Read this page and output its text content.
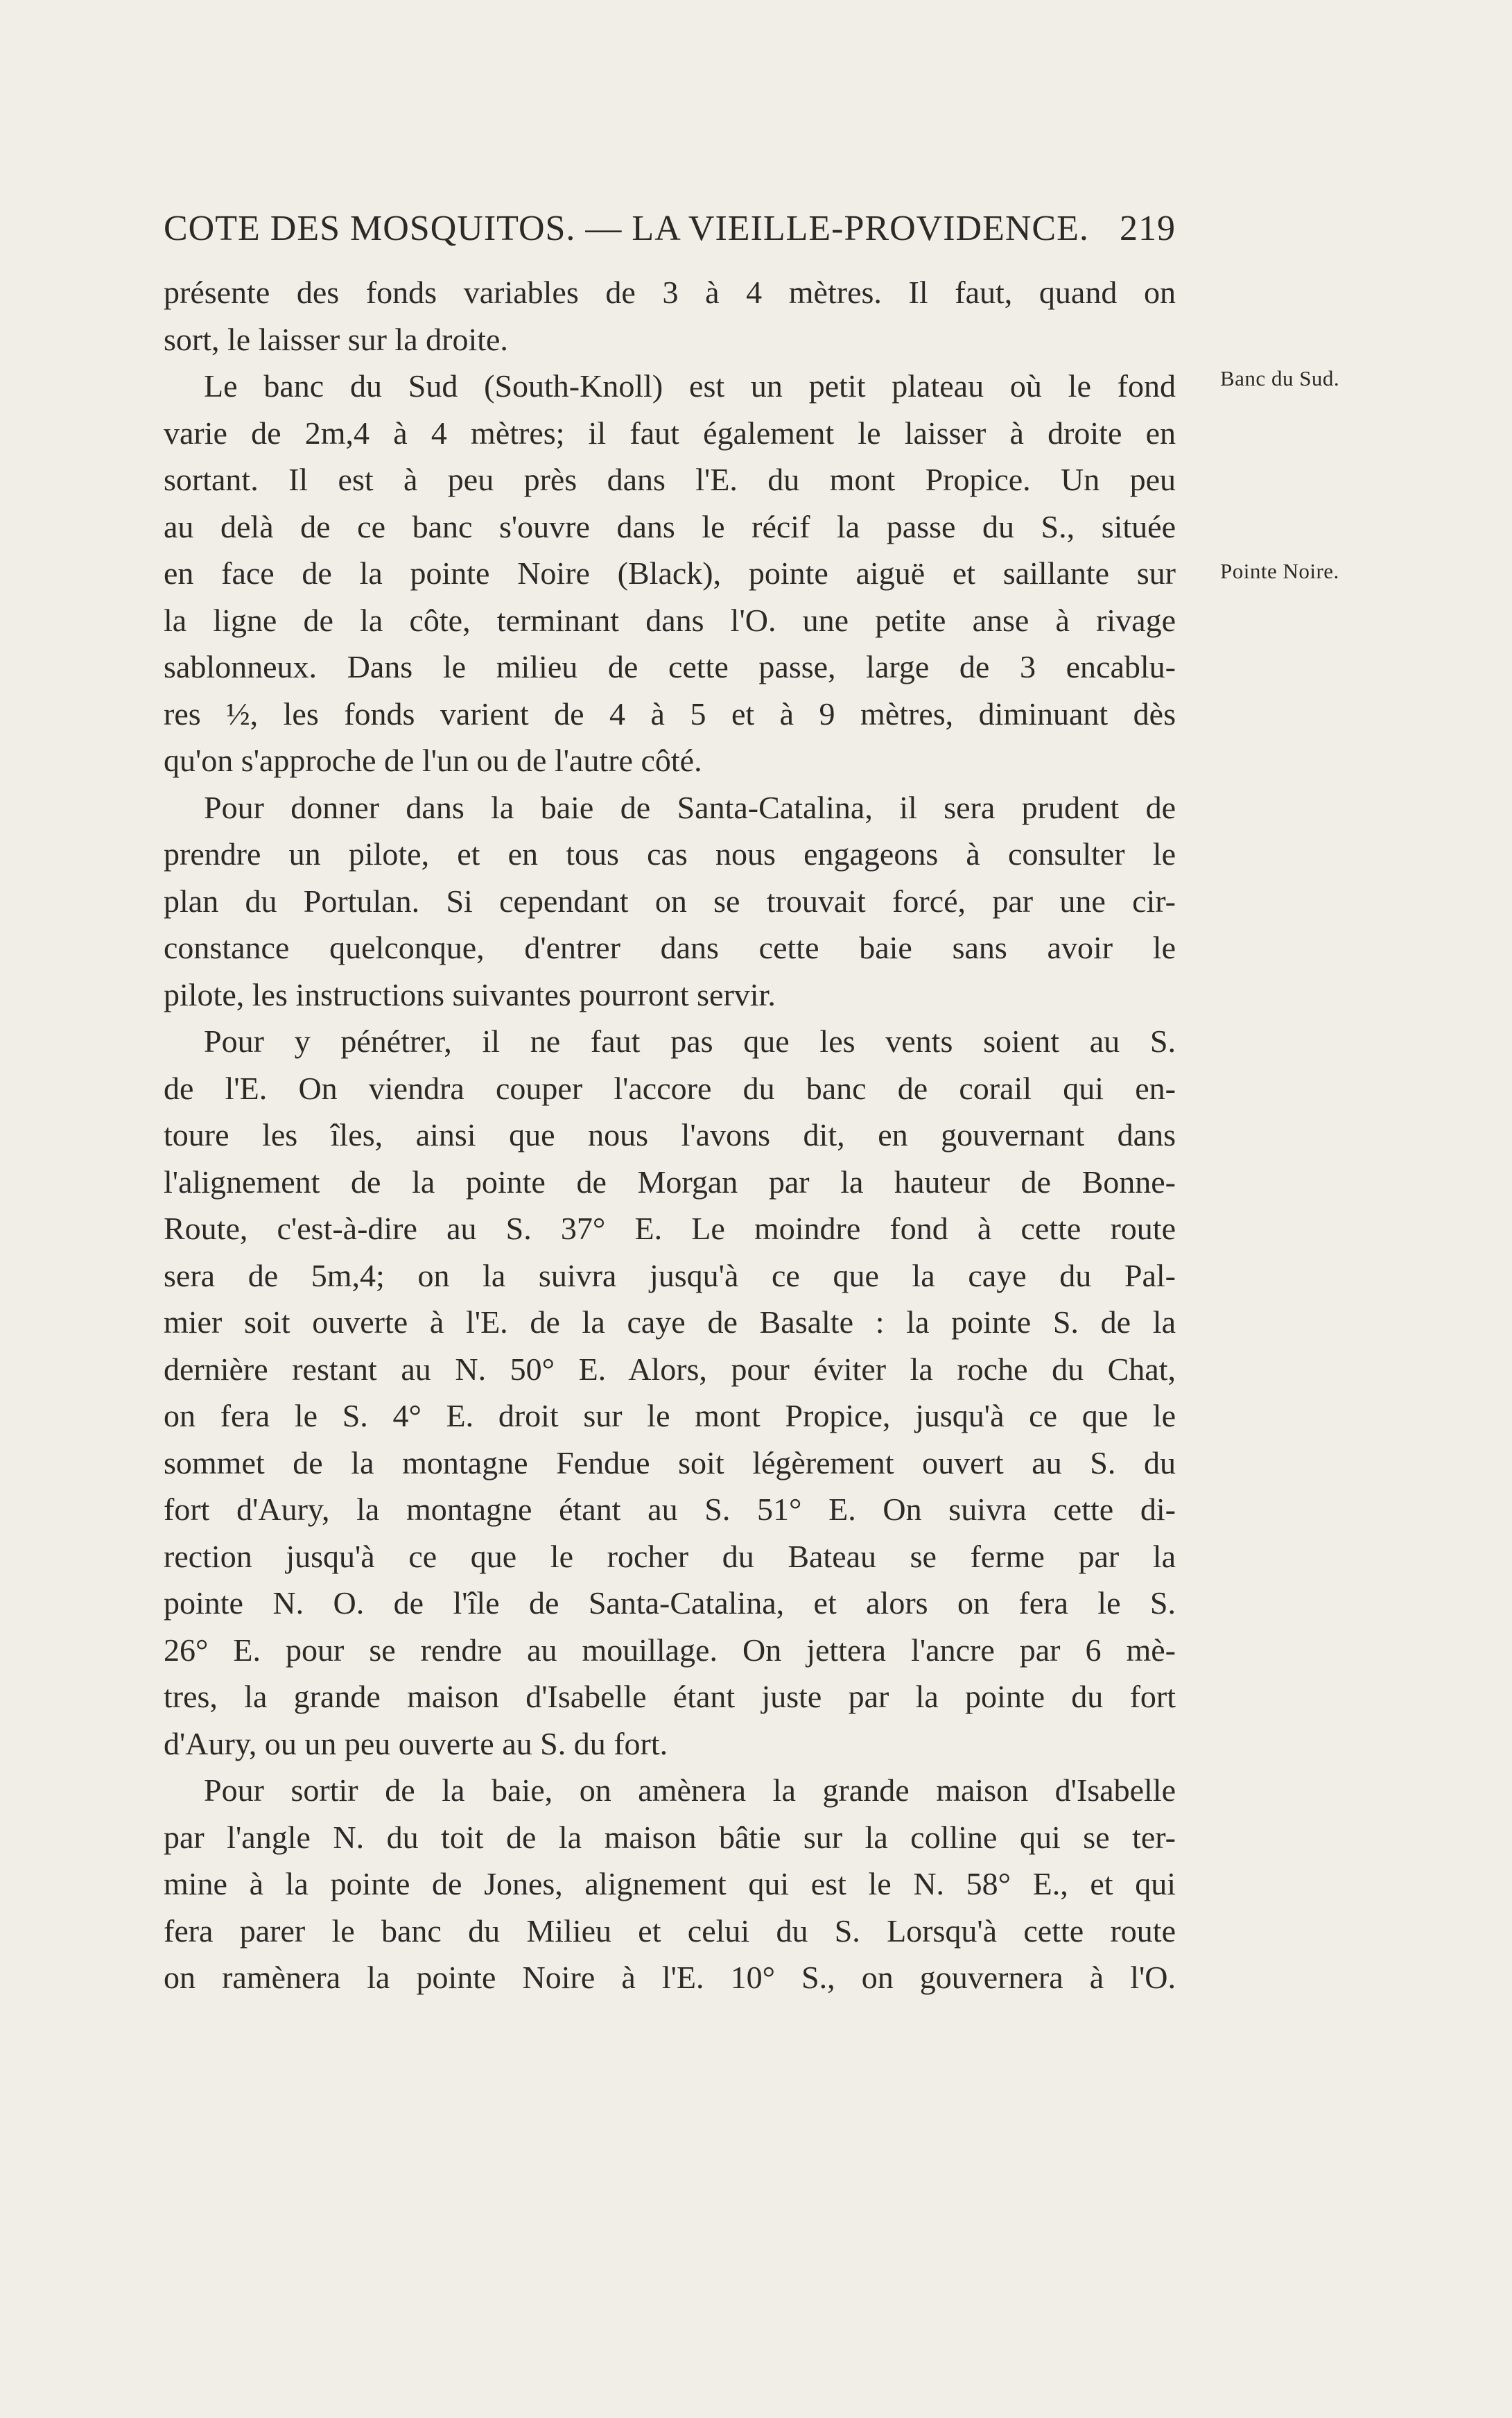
COTE DES MOSQUITOS. — LA VIEILLE-PROVIDENCE. 219
Banc du Sud.
Pointe Noire.
présente des fonds variables de 3 à 4 mètres. Il faut, quand on
sort, le laisser sur la droite.
Le banc du Sud (South-Knoll) est un petit plateau où le fond
varie de 2m,4 à 4 mètres; il faut également le laisser à droite en
sortant. Il est à peu près dans l'E. du mont Propice. Un peu
au delà de ce banc s'ouvre dans le récif la passe du S., située
en face de la pointe Noire (Black), pointe aiguë et saillante sur
la ligne de la côte, terminant dans l'O. une petite anse à rivage
sablonneux. Dans le milieu de cette passe, large de 3 encablu-
res ½, les fonds varient de 4 à 5 et à 9 mètres, diminuant dès
qu'on s'approche de l'un ou de l'autre côté.
Pour donner dans la baie de Santa-Catalina, il sera prudent de
prendre un pilote, et en tous cas nous engageons à consulter le
plan du Portulan. Si cependant on se trouvait forcé, par une cir-
constance quelconque, d'entrer dans cette baie sans avoir le
pilote, les instructions suivantes pourront servir.
Pour y pénétrer, il ne faut pas que les vents soient au S.
de l'E. On viendra couper l'accore du banc de corail qui en-
toure les îles, ainsi que nous l'avons dit, en gouvernant dans
l'alignement de la pointe de Morgan par la hauteur de Bonne-
Route, c'est-à-dire au S. 37° E. Le moindre fond à cette route
sera de 5m,4; on la suivra jusqu'à ce que la caye du Pal-
mier soit ouverte à l'E. de la caye de Basalte : la pointe S. de la
dernière restant au N. 50° E. Alors, pour éviter la roche du Chat,
on fera le S. 4° E. droit sur le mont Propice, jusqu'à ce que le
sommet de la montagne Fendue soit légèrement ouvert au S. du
fort d'Aury, la montagne étant au S. 51° E. On suivra cette di-
rection jusqu'à ce que le rocher du Bateau se ferme par la
pointe N. O. de l'île de Santa-Catalina, et alors on fera le S.
26° E. pour se rendre au mouillage. On jettera l'ancre par 6 mè-
tres, la grande maison d'Isabelle étant juste par la pointe du fort
d'Aury, ou un peu ouverte au S. du fort.
Pour sortir de la baie, on amènera la grande maison d'Isabelle
par l'angle N. du toit de la maison bâtie sur la colline qui se ter-
mine à la pointe de Jones, alignement qui est le N. 58° E., et qui
fera parer le banc du Milieu et celui du S. Lorsqu'à cette route
on ramènera la pointe Noire à l'E. 10° S., on gouvernera à l'O.
